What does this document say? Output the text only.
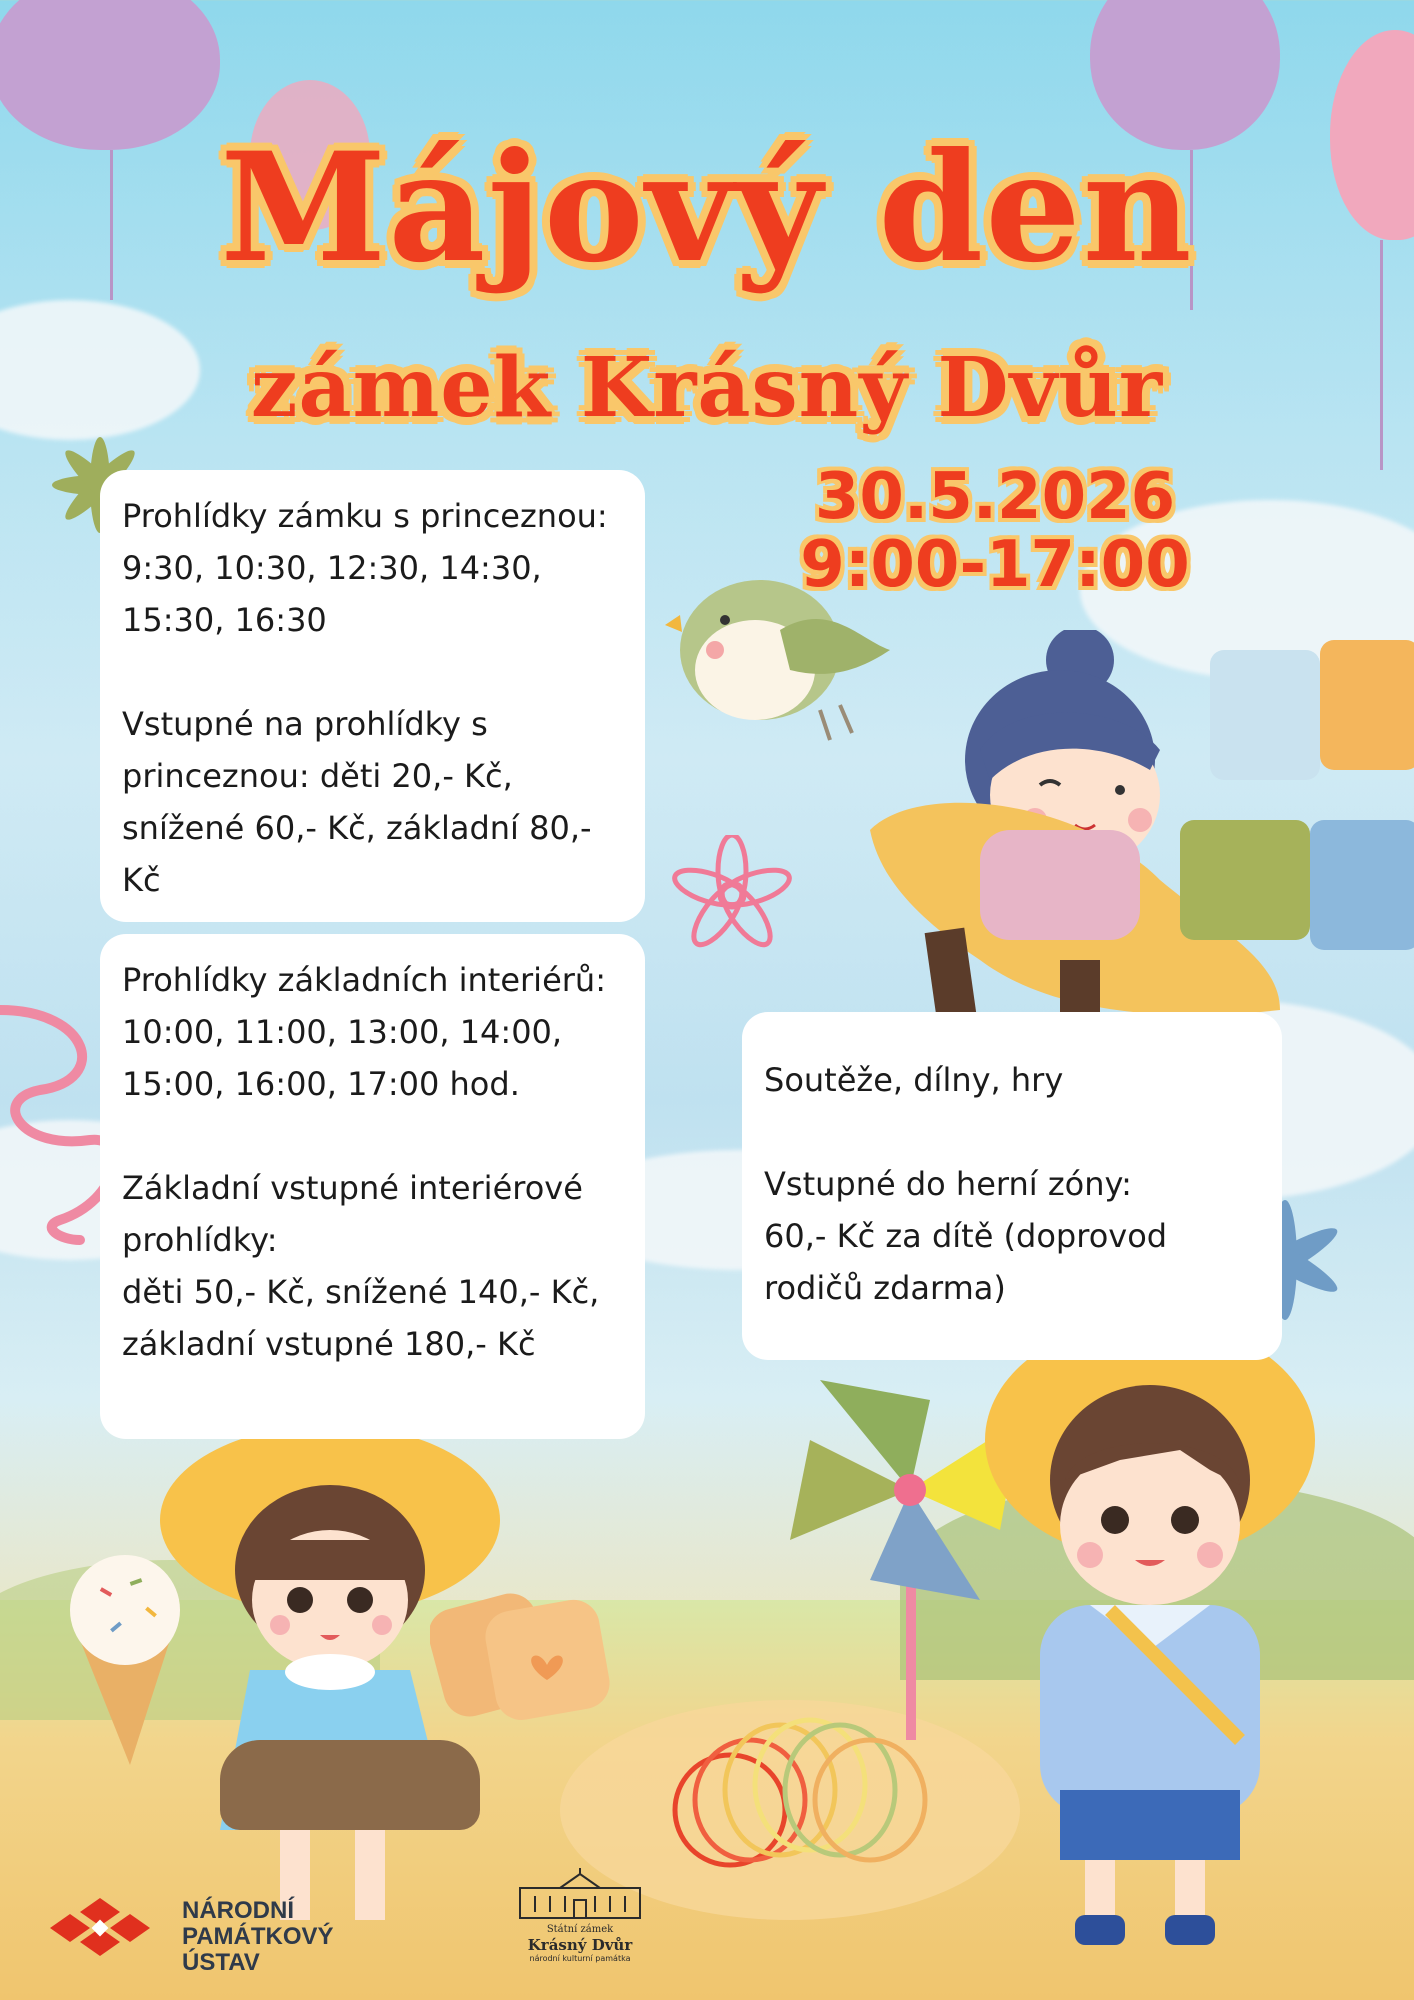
Májový den
zámek Krásný Dvůr
30.5.2026
9:00-17:00

Prohlídky zámku s princeznou: 9:30, 10:30, 12:30, 14:30, 15:30, 16:30

Vstupné na prohlídky s princeznou: děti 20,- Kč, snížené 60,- Kč, základní 80,-Kč

Prohlídky základních interiérů:

10:00, 11:00, 13:00, 14:00, 15:00, 16:00, 17:00 hod.

Základní vstupné interiérové prohlídky:

děti 50,- Kč, snížené 140,- Kč, základní vstupné 180,- Kč

Soutěže, dílny, hry

Vstupné do herní zóny:

60,- Kč za dítě (doprovod rodičů zdarma)

NÁRODNÍ
PAMÁTKOVÝ
ÚSTAV
Státní zámek
Krásný Dvůr
národní kulturní památka
